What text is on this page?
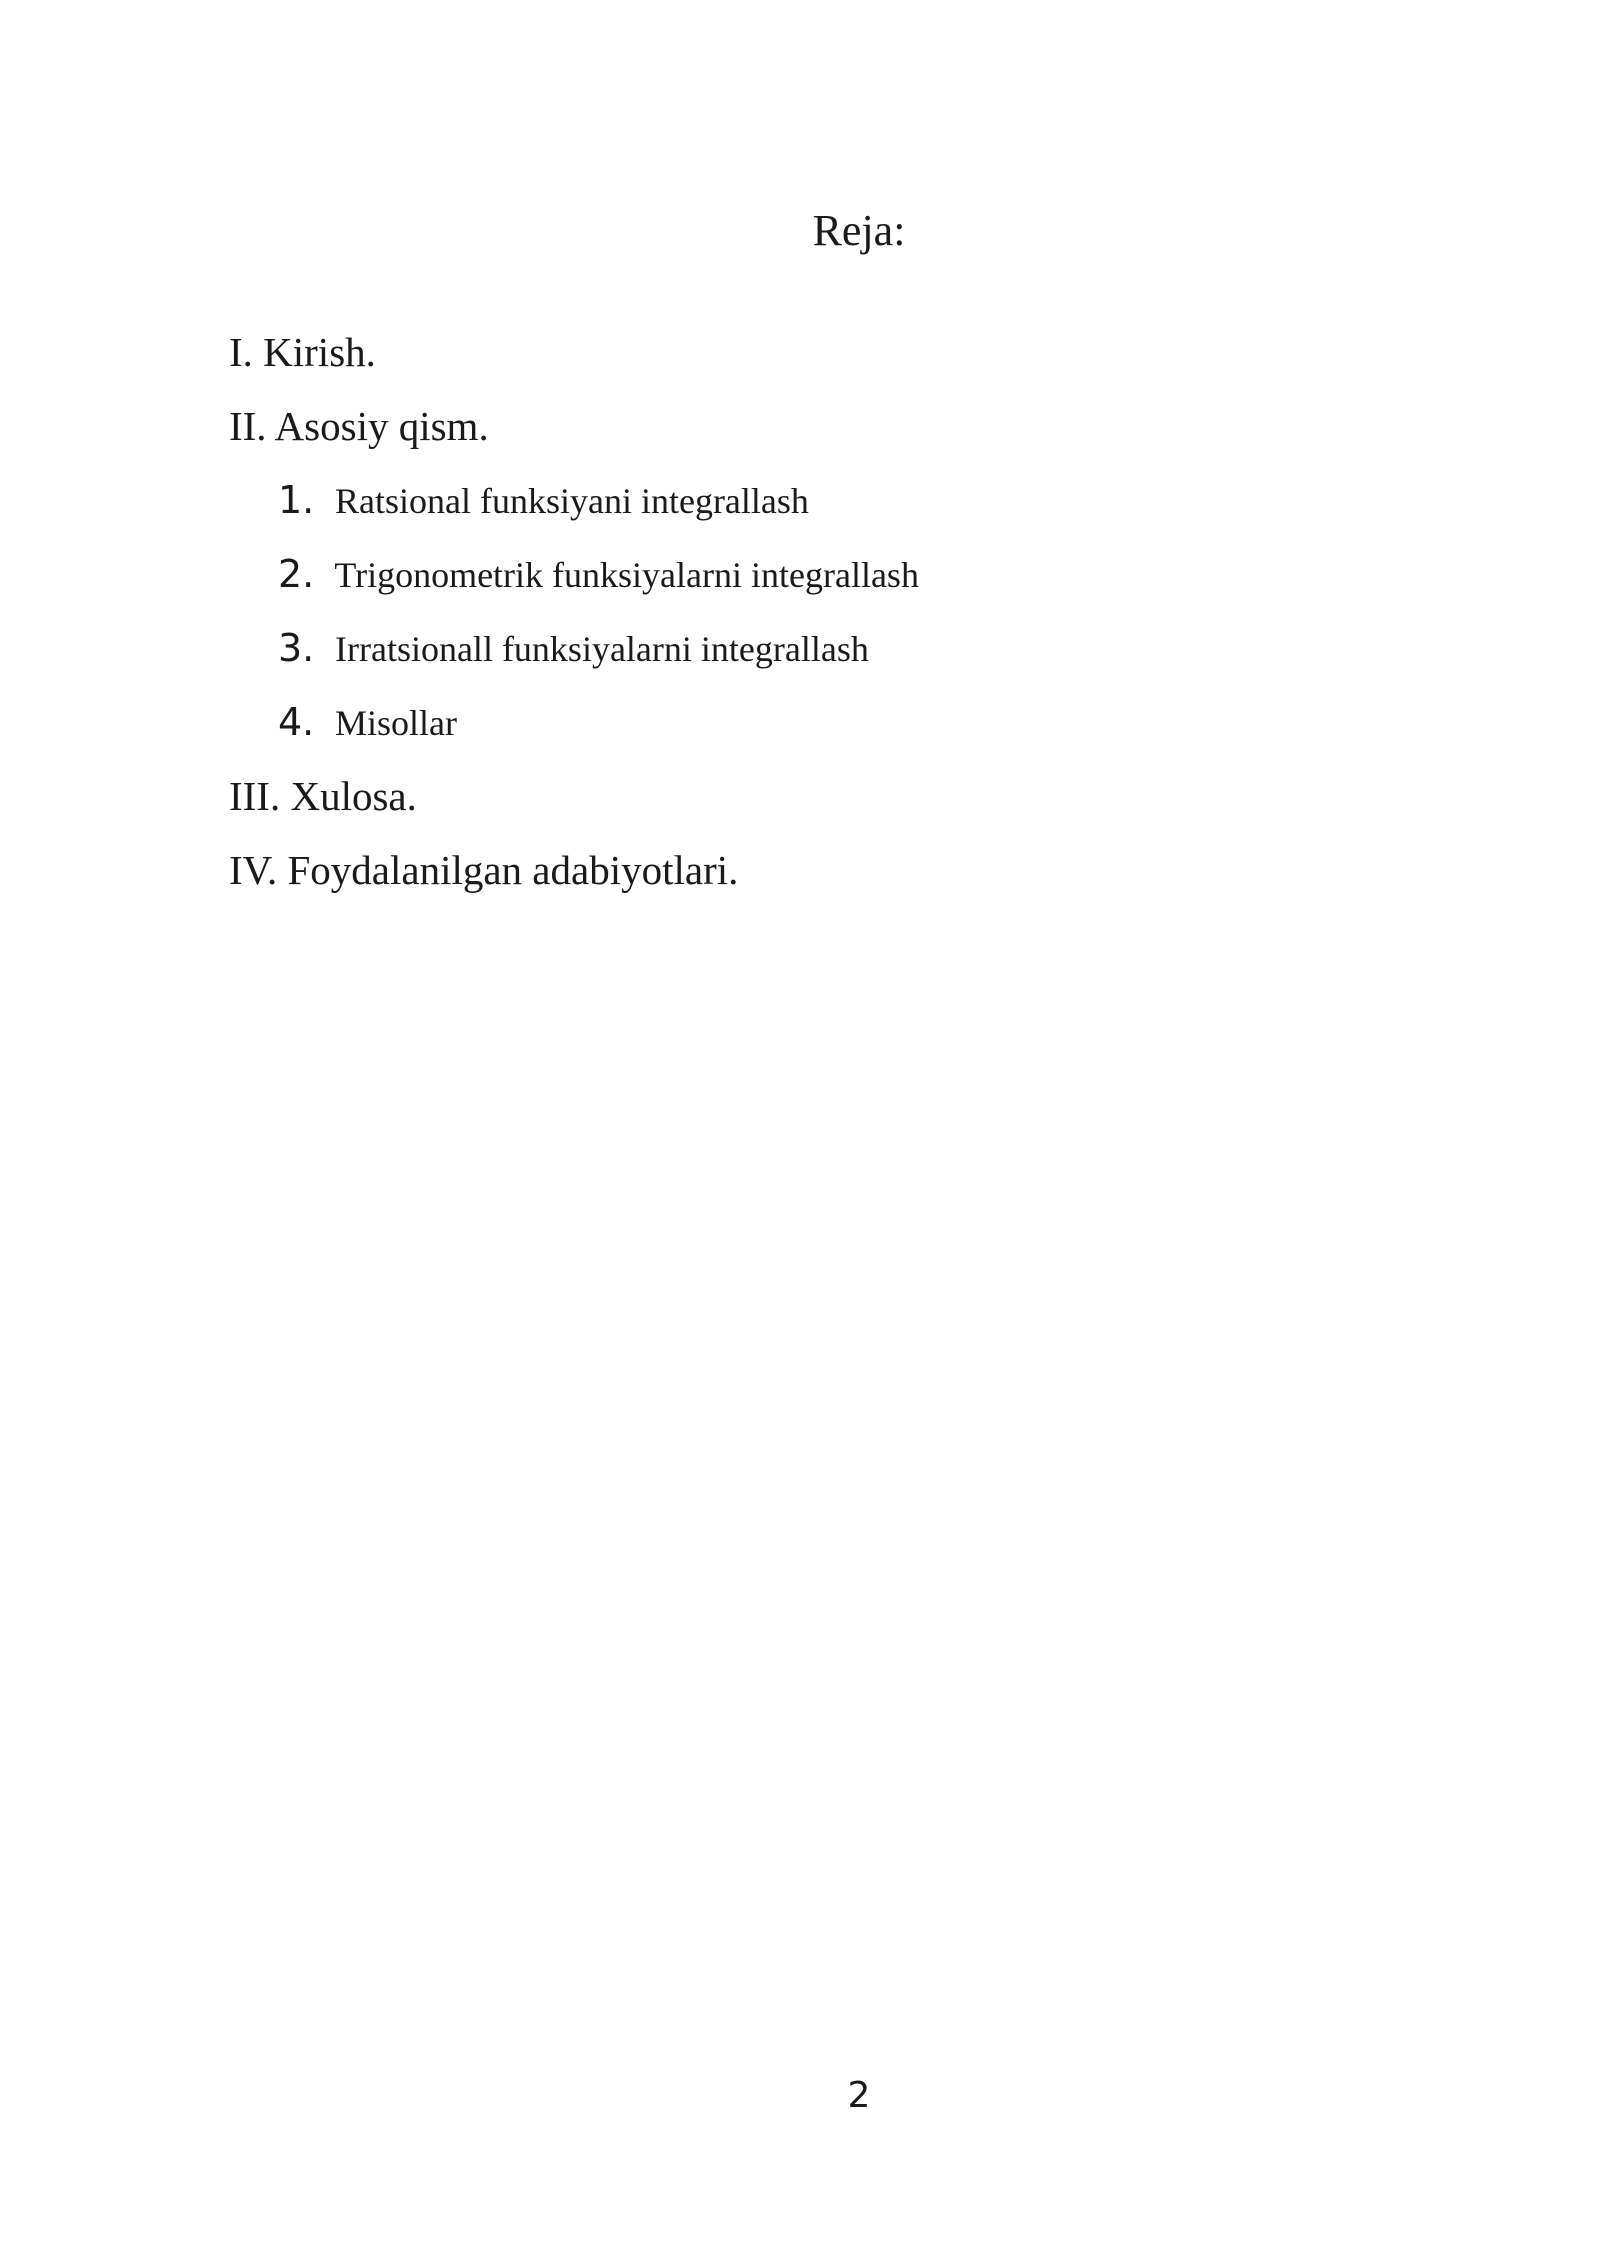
Reja:
I. Kirish.
II. Asosiy qism.
1. Ratsional funksiyani integrallash
2. Trigonometrik funksiyalarni integrallash
3. Irratsionall funksiyalarni integrallash
4. Misollar
III. Xulosa.
IV. Foydalanilgan adabiyotlari.
2
